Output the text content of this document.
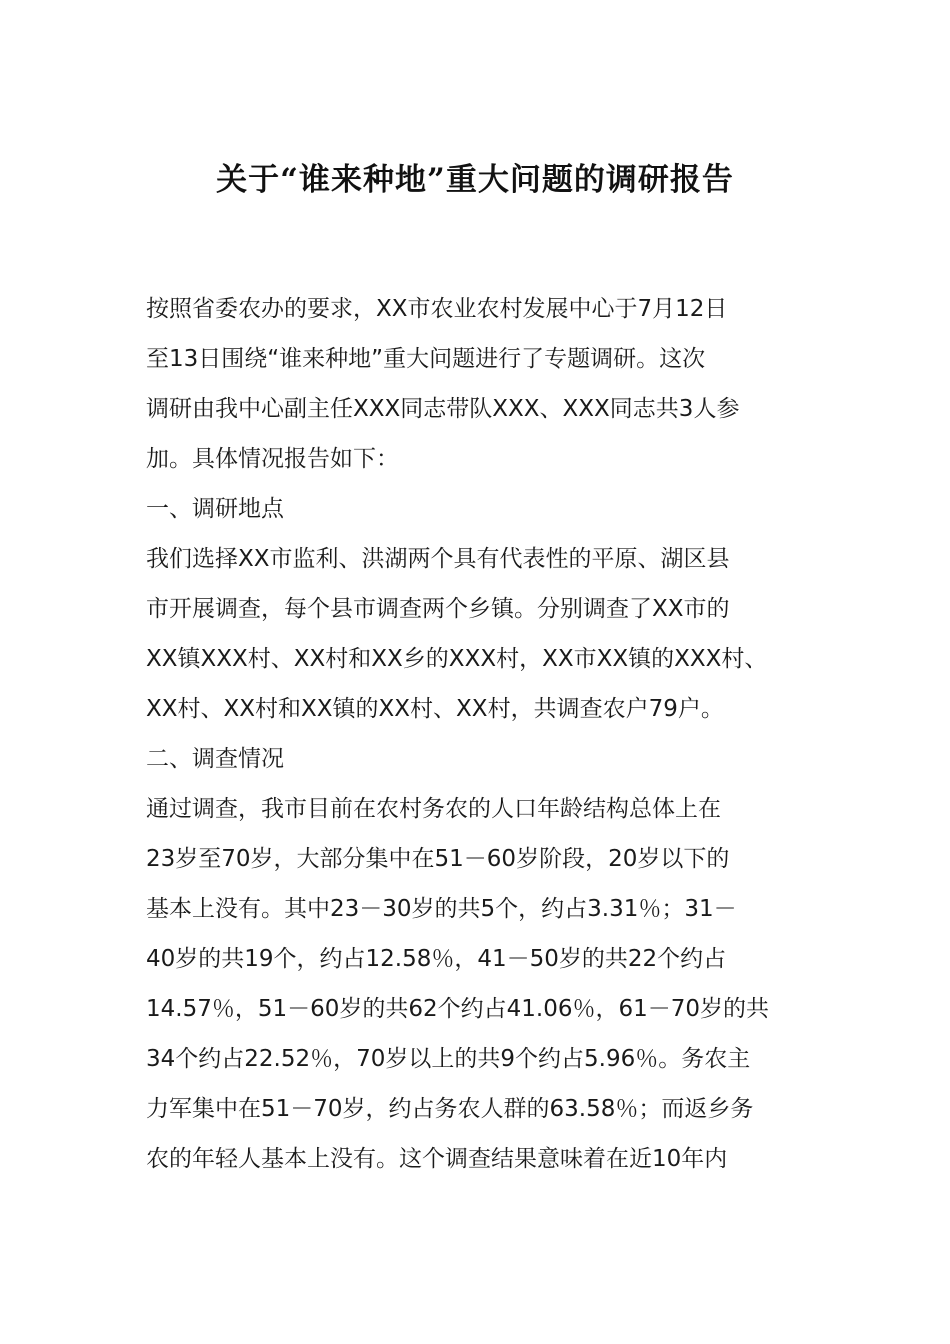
关于“谁来种地”重大问题的调研报告

按照省委农办的要求，XX市农业农村发展中心于7月12日

至13日围绕“谁来种地”重大问题进行了专题调研。这次

调研由我中心副主任XXX同志带队XXX、XXX同志共3人参

加。具体情况报告如下：

一、调研地点

我们选择XX市监利、洪湖两个具有代表性的平原、湖区县

市开展调查，每个县市调查两个乡镇。分别调查了XX市的

XX镇XXX村、XX村和XX乡的XXX村，XX市XX镇的XXX村、

XX村、XX村和XX镇的XX村、XX村，共调查农户79户。

二、调查情况

通过调查，我市目前在农村务农的人口年龄结构总体上在

23岁至70岁，大部分集中在51－60岁阶段，20岁以下的

基本上没有。其中23－30岁的共5个，约占3.31％；31－

40岁的共19个，约占12.58％，41－50岁的共22个约占

14.57％，51－60岁的共62个约占41.06％，61－70岁的共

34个约占22.52％，70岁以上的共9个约占5.96％。务农主

力军集中在51－70岁，约占务农人群的63.58％；而返乡务

农的年轻人基本上没有。这个调查结果意味着在近10年内
